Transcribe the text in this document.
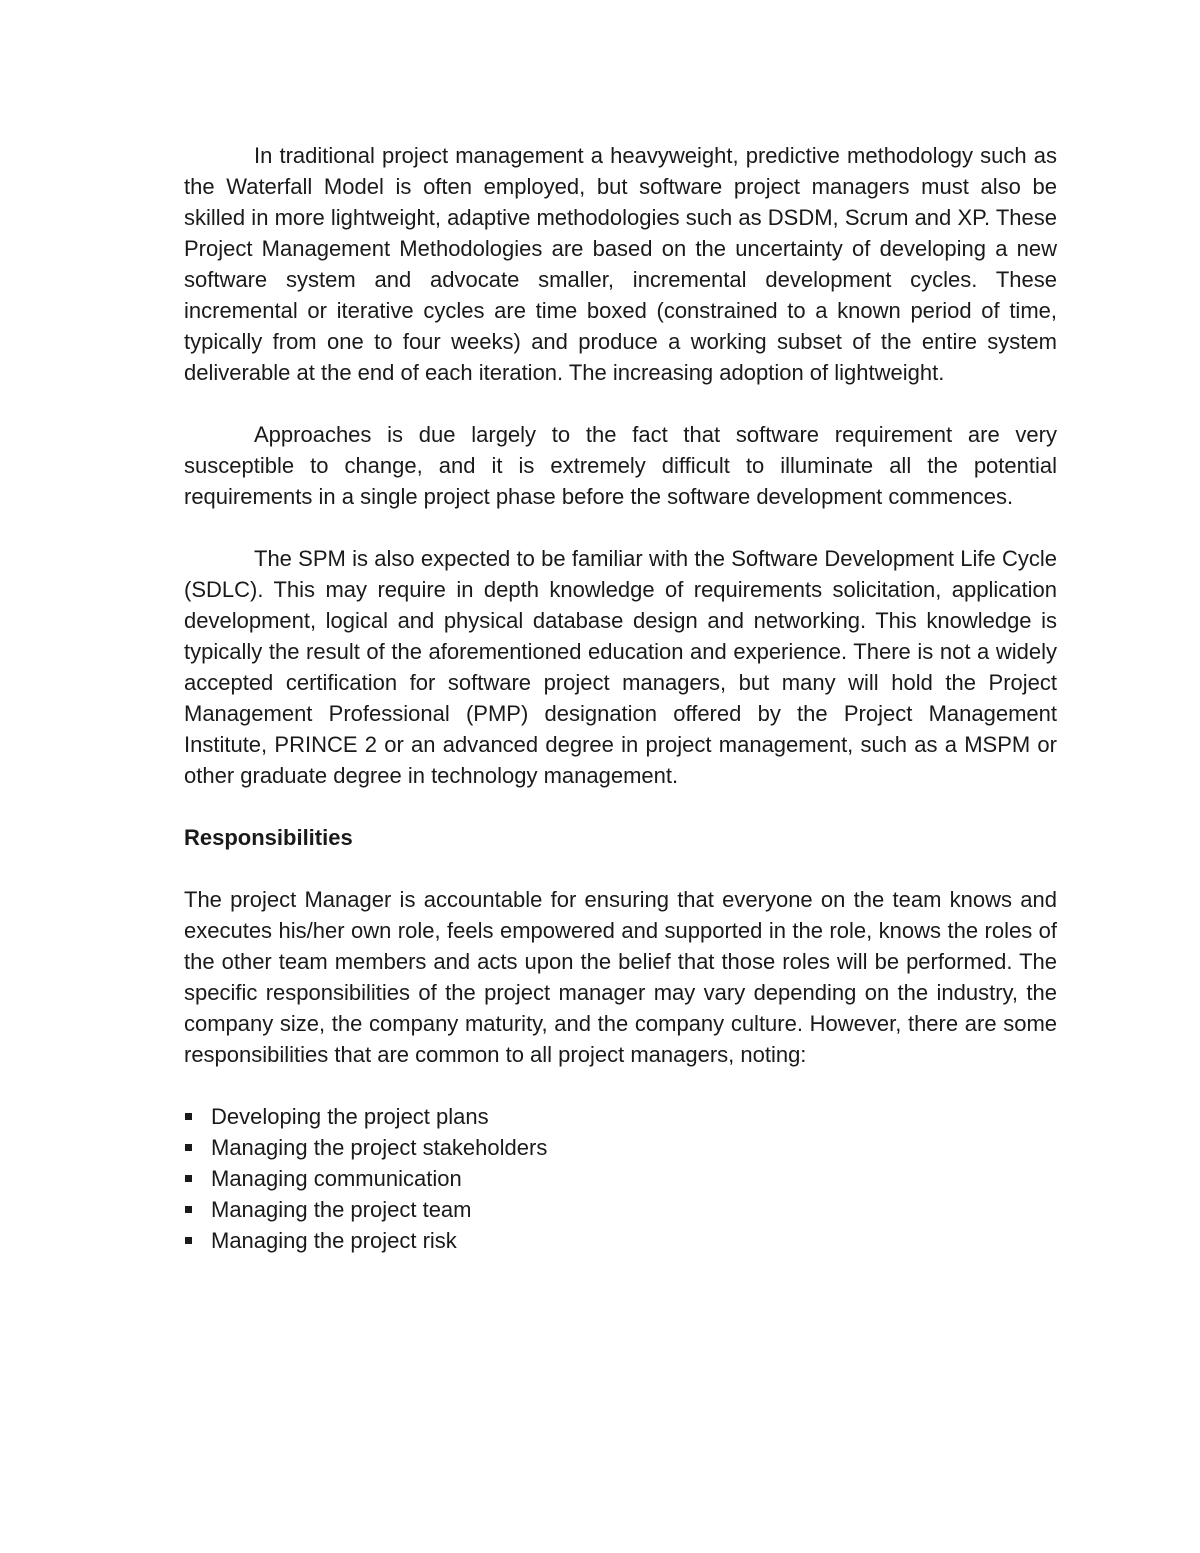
In traditional project management a heavyweight, predictive methodology such as the Waterfall Model is often employed, but software project managers must also be skilled in more lightweight, adaptive methodologies such as DSDM, Scrum and XP. These Project Management Methodologies are based on the uncertainty of developing a new software system and advocate smaller, incremental development cycles. These incremental or iterative cycles are time boxed (constrained to a known period of time, typically from one to four weeks) and produce a working subset of the entire system deliverable at the end of each iteration. The increasing adoption of lightweight.

Approaches is due largely to the fact that software requirement are very susceptible to change, and it is extremely difficult to illuminate all the potential requirements in a single project phase before the software development commences.

The SPM is also expected to be familiar with the Software Development Life Cycle (SDLC). This may require in depth knowledge of requirements solicitation, application development, logical and physical database design and networking. This knowledge is typically the result of the aforementioned education and experience. There is not a widely accepted certification for software project managers, but many will hold the Project Management Professional (PMP) designation offered by the Project Management Institute, PRINCE 2 or an advanced degree in project management, such as a MSPM or other graduate degree in technology management.

Responsibilities

The project Manager is accountable for ensuring that everyone on the team knows and executes his/her own role, feels empowered and supported in the role, knows the roles of the other team members and acts upon the belief that those roles will be performed. The specific responsibilities of the project manager may vary depending on the industry, the company size, the company maturity, and the company culture. However, there are some responsibilities that are common to all project managers, noting:

Developing the project plans
Managing the project stakeholders
Managing communication
Managing the project team
Managing the project risk
